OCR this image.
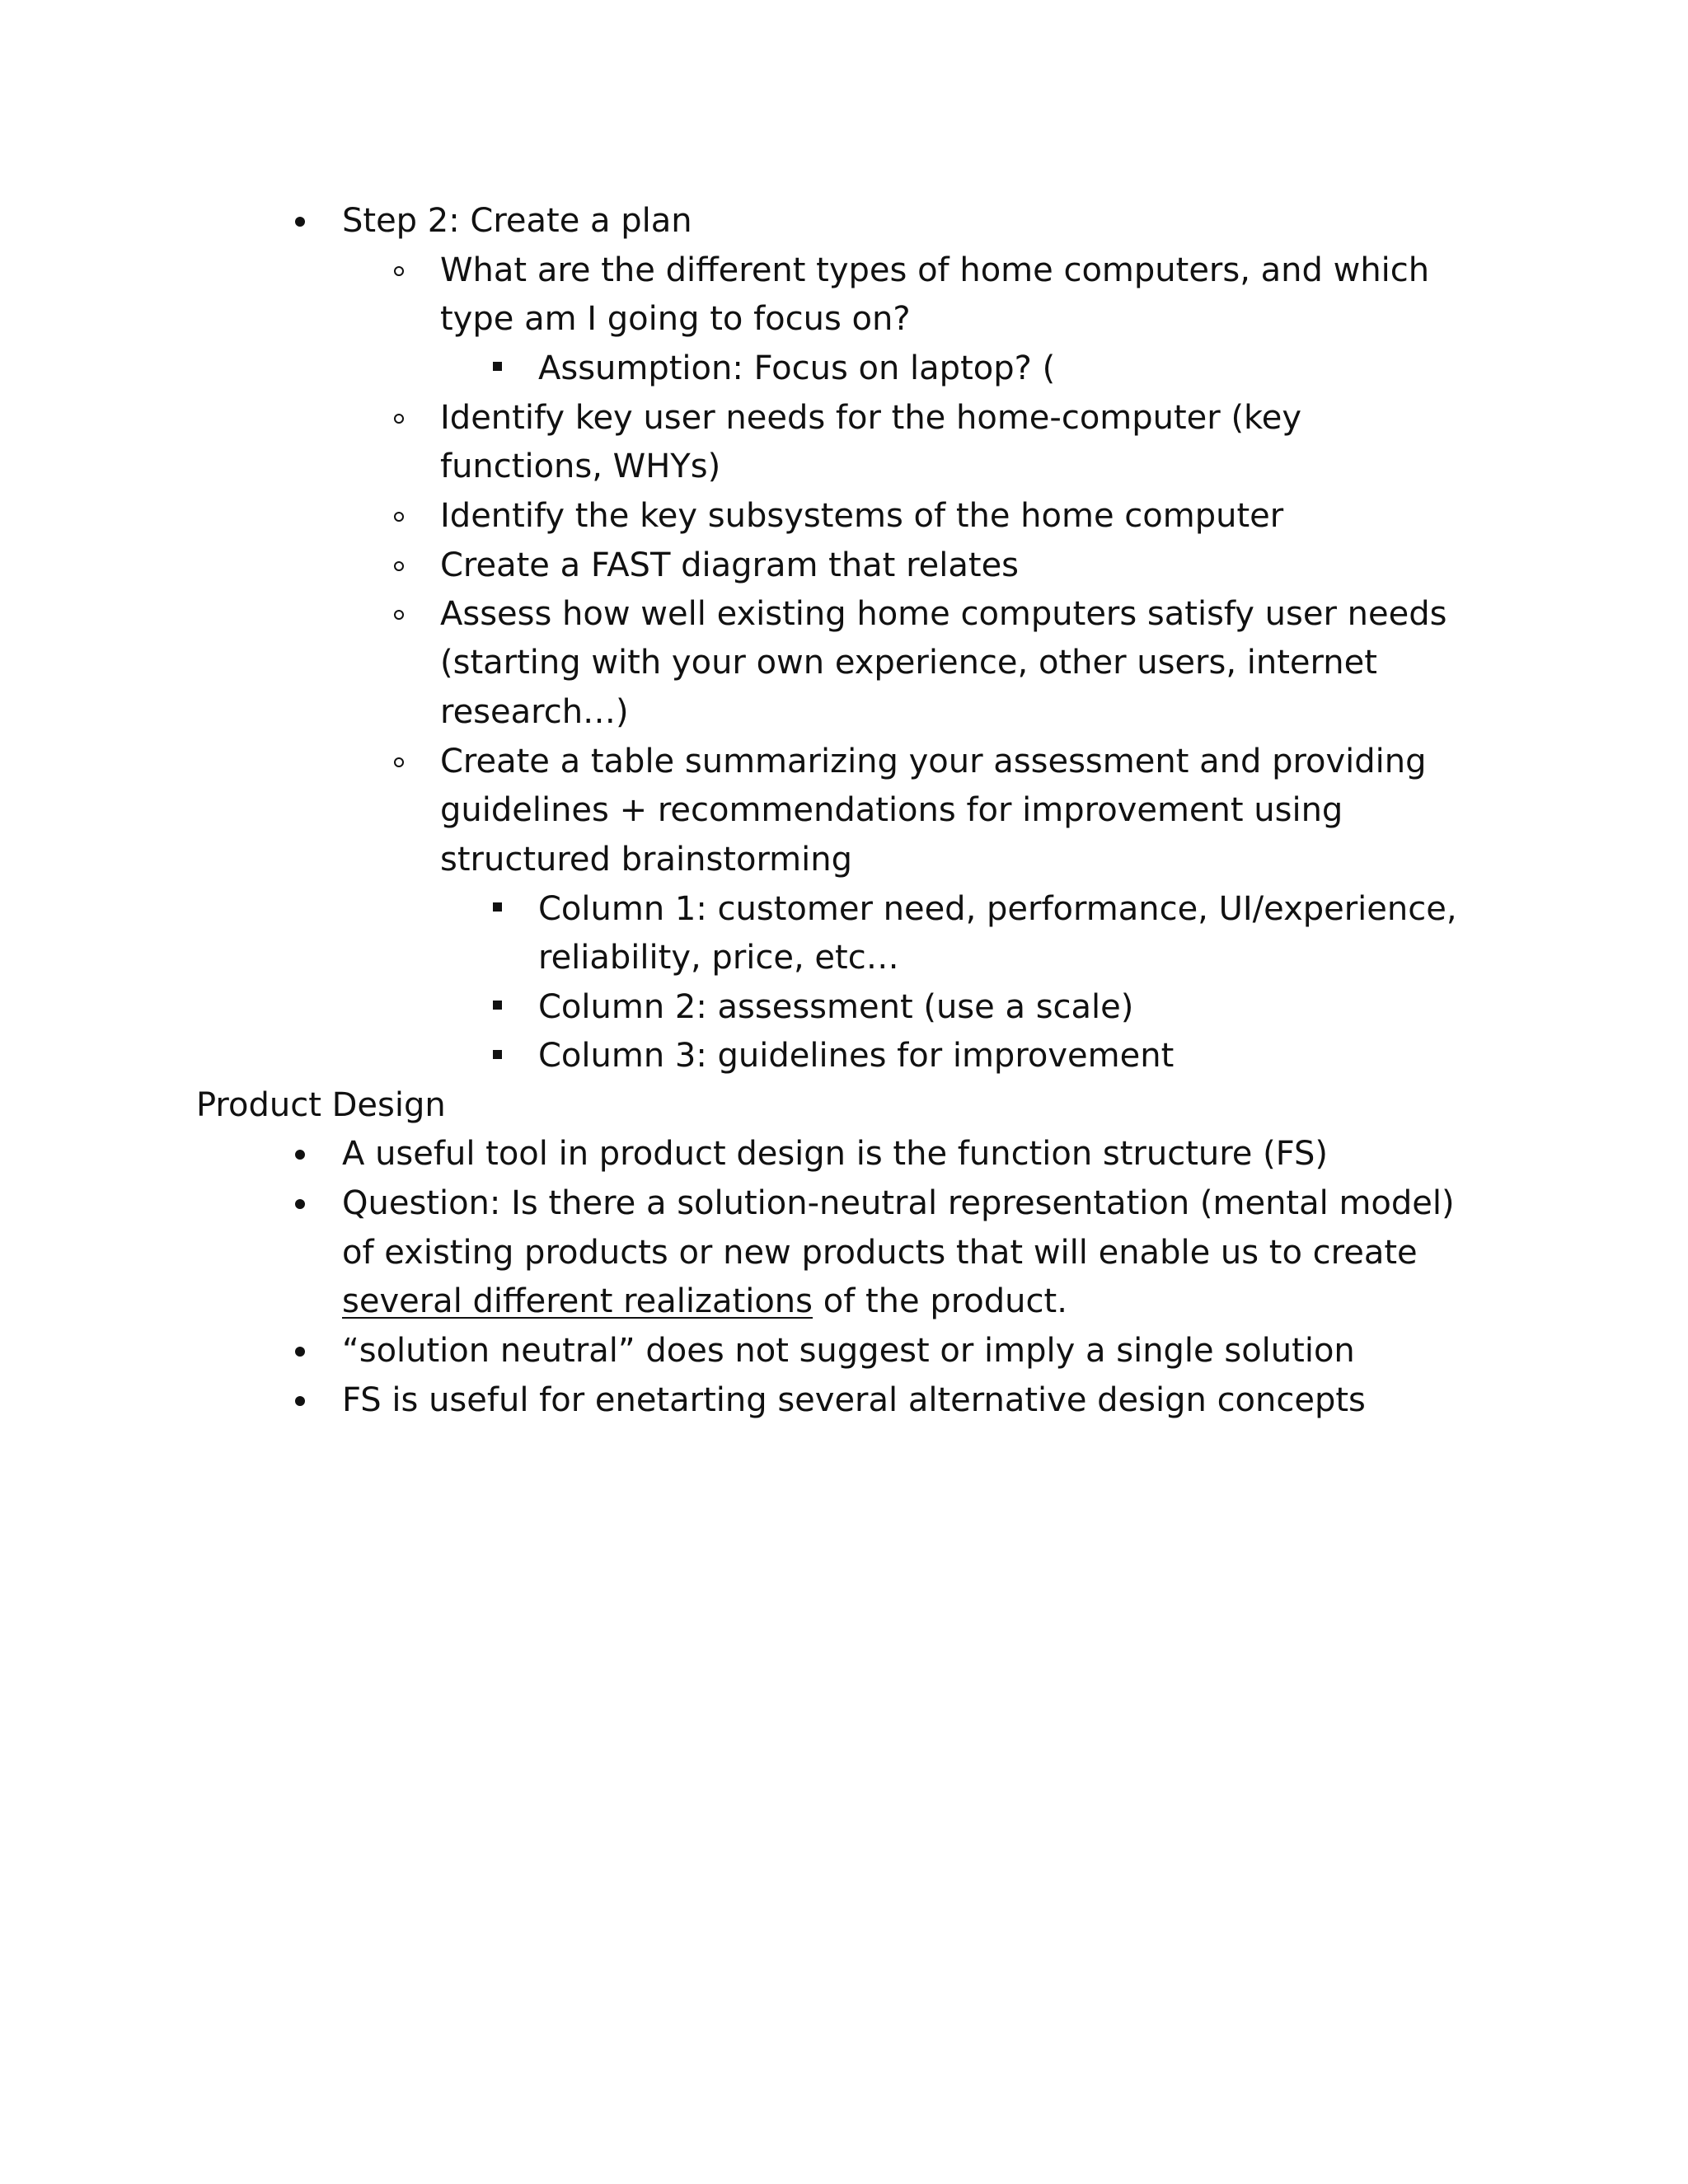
Step 2: Create a plan
What are the different types of home computers, and which
type am I going to focus on?
Assumption: Focus on laptop? (
Identify key user needs for the home-computer (key
functions, WHYs)
Identify the key subsystems of the home computer
Create a FAST diagram that relates
Assess how well existing home computers satisfy user needs
(starting with your own experience, other users, internet
research…)
Create a table summarizing your assessment and providing
guidelines + recommendations for improvement using
structured brainstorming
Column 1: customer need, performance, UI/experience,
reliability, price, etc…
Column 2: assessment (use a scale)
Column 3: guidelines for improvement
Product Design
A useful tool in product design is the function structure (FS)
Question: Is there a solution-neutral representation (mental model)
of existing products or new products that will enable us to create
several different realizations of the product.
“solution neutral” does not suggest or imply a single solution
FS is useful for enetarting several alternative design concepts
